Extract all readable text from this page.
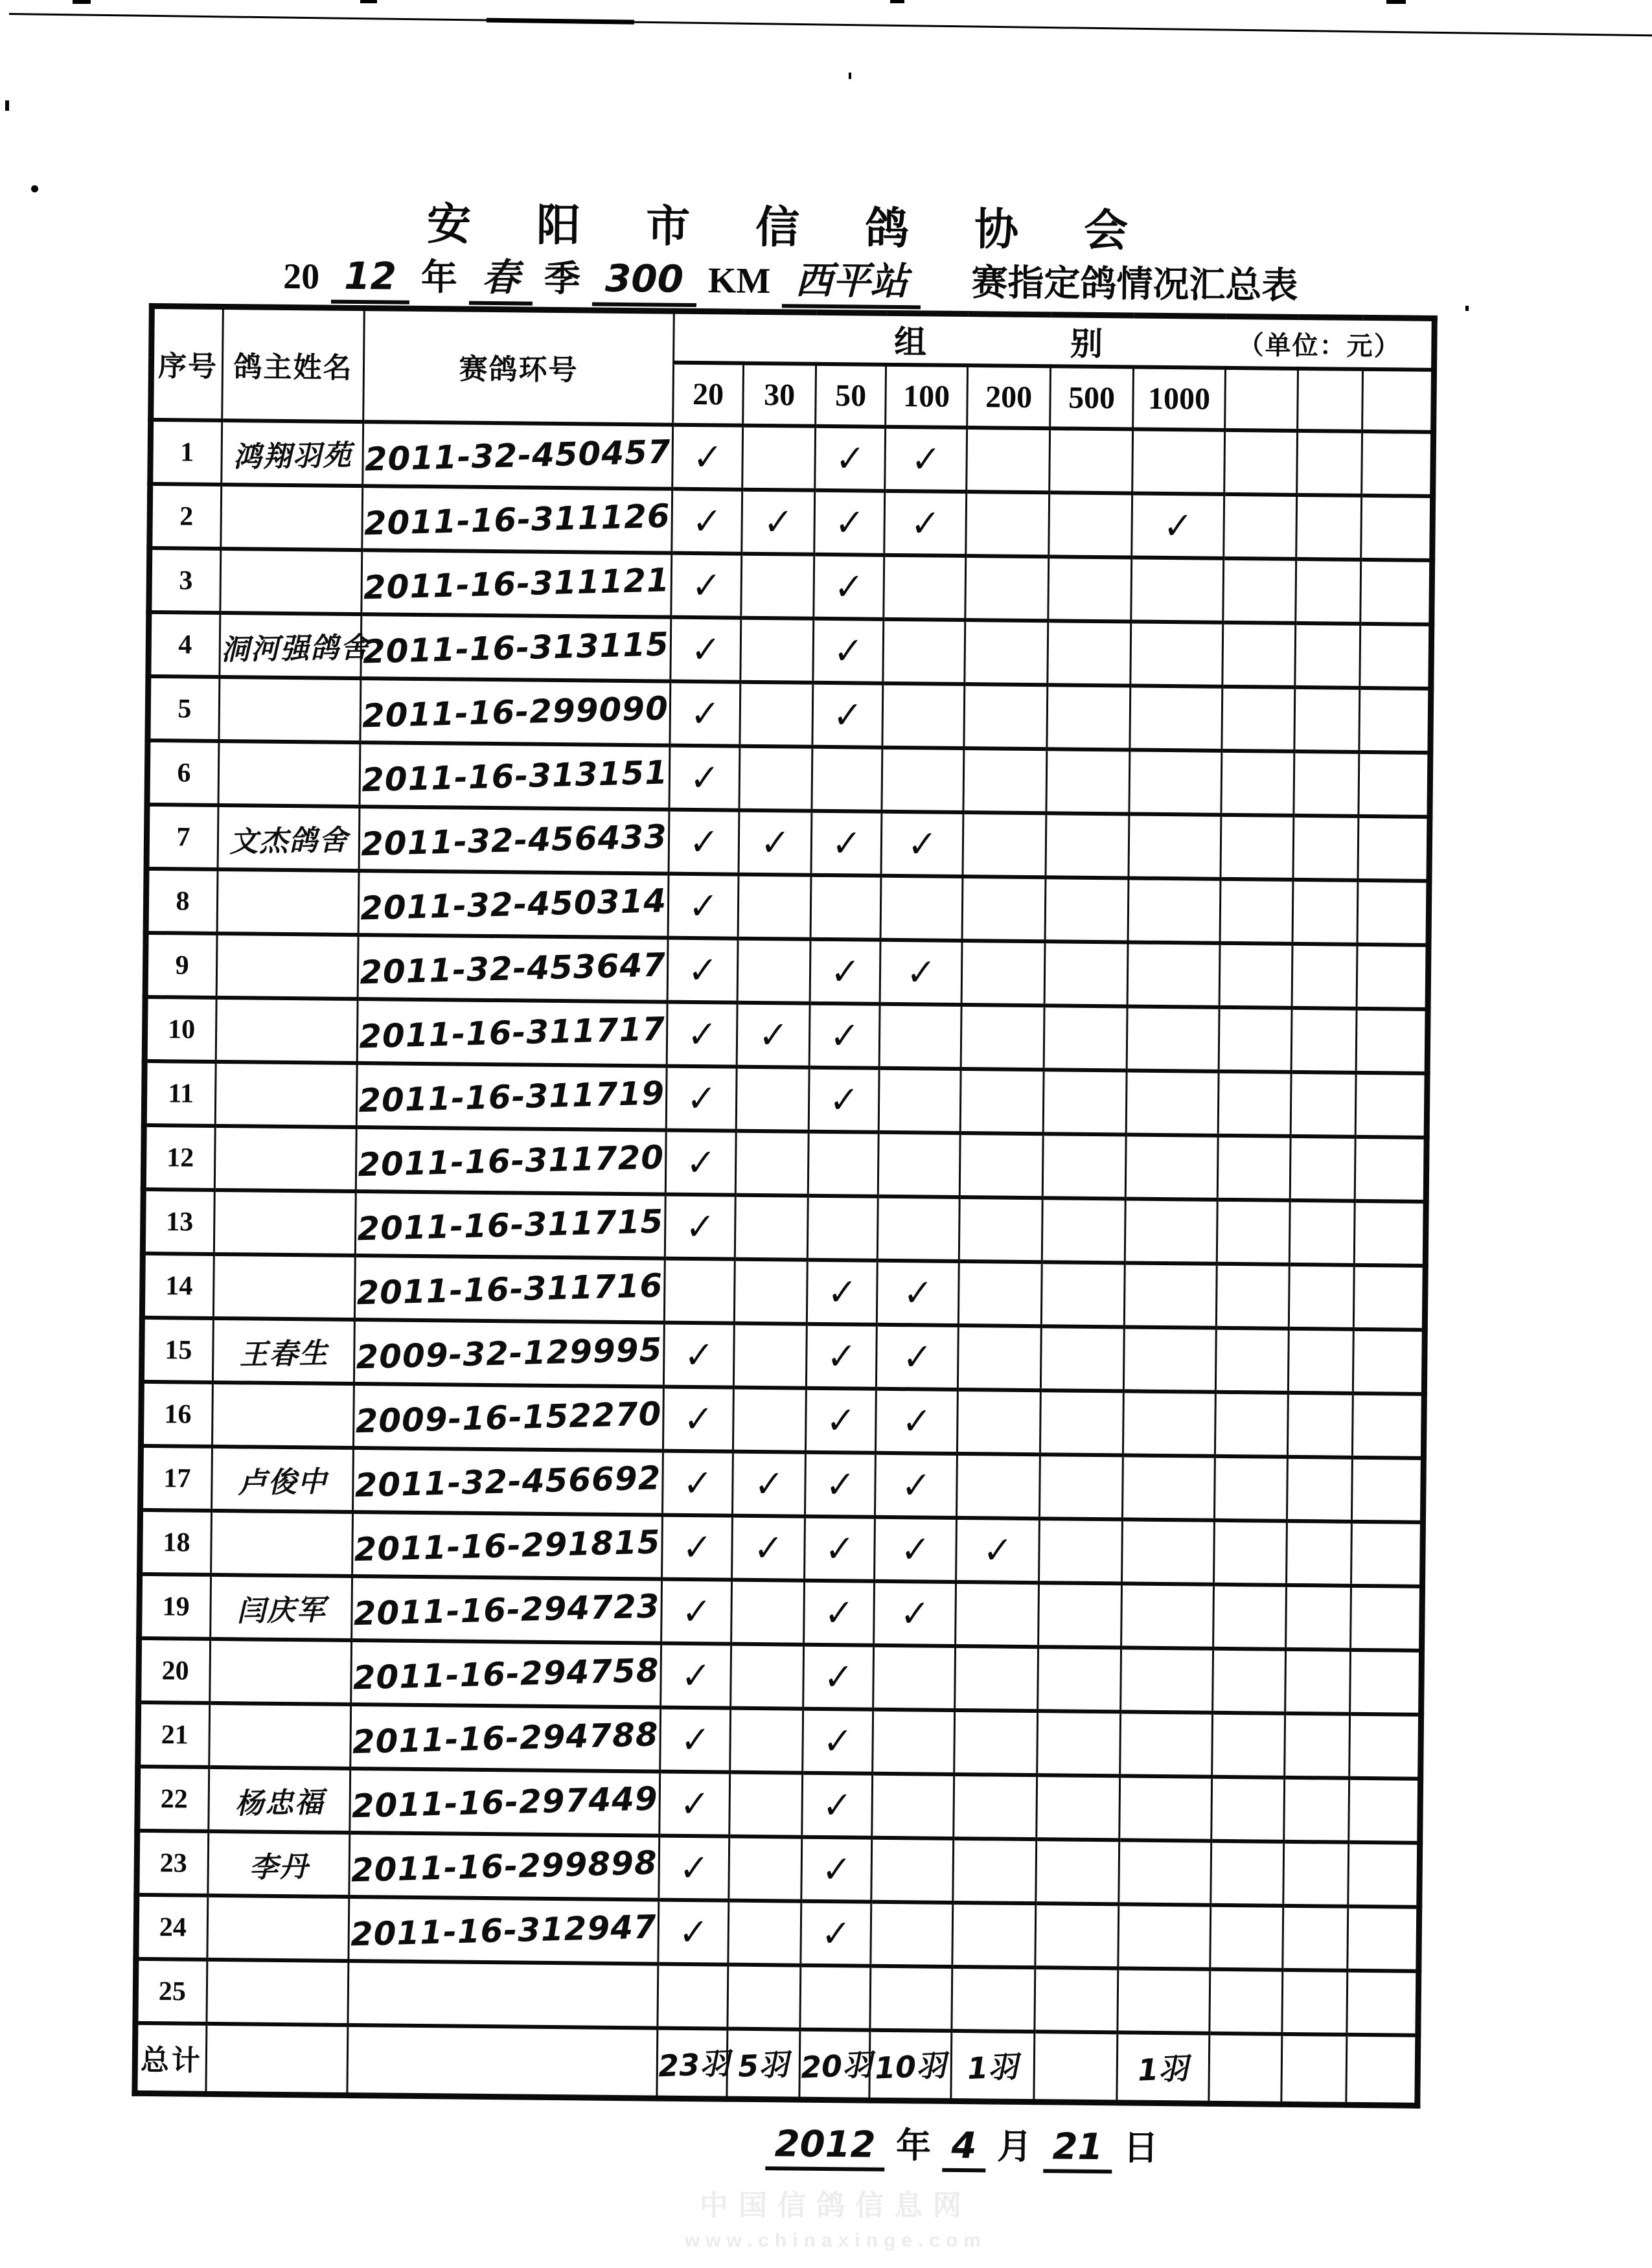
安 阳 市 信 鸽 协 会
20 12 年 春 季 300 KM 西平站 赛指定鸽情况汇总表
序号	鸽主姓名	赛鸽环号	组 别 （单位：元）									

			20	30	50	100	200	500	1000			
1	鸿翔羽苑	2011-32-450457	✓		✓	✓						
2		2011-16-311126	✓	✓	✓	✓			✓			
3		2011-16-311121	✓		✓							
4	洞河强鸽舍	2011-16-313115	✓		✓							
5		2011-16-299090	✓		✓							
6		2011-16-313151	✓									
7	文杰鸽舍	2011-32-456433	✓	✓	✓	✓						
8		2011-32-450314	✓									
9		2011-32-453647	✓		✓	✓						
10		2011-16-311717	✓	✓	✓							
11		2011-16-311719	✓		✓							
12		2011-16-311720	✓									
13		2011-16-311715	✓									
14		2011-16-311716			✓	✓						
15	王春生	2009-32-129995	✓		✓	✓						
16		2009-16-152270	✓		✓	✓						
17	卢俊中	2011-32-456692	✓	✓	✓	✓						
18		2011-16-291815	✓	✓	✓	✓	✓					
19	闫庆军	2011-16-294723	✓		✓	✓						
20		2011-16-294758	✓		✓							
21		2011-16-294788	✓		✓							
22	杨忠福	2011-16-297449	✓		✓							
23	李丹	2011-16-299898	✓		✓							
24		2011-16-312947	✓		✓							
25												
总计			23羽	5羽	20羽	10羽	1羽		1羽			
2012 年 4 月 21 日
中国信鸽信息网
www.chinaxinge.com
